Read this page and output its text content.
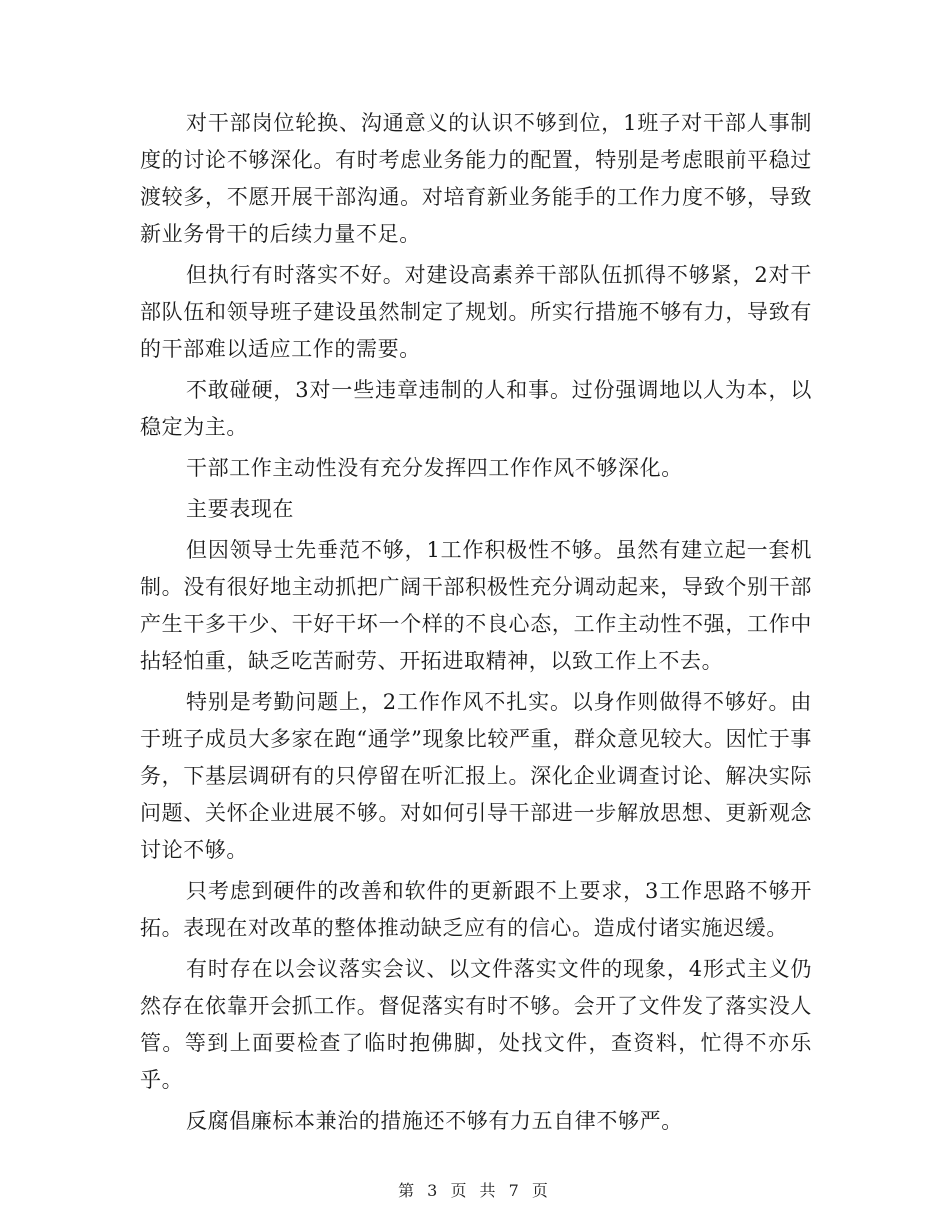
对干部岗位轮换、沟通意义的认识不够到位，1班子对干部人事制度的讨论不够深化。有时考虑业务能力的配置，特别是考虑眼前平稳过渡较多，不愿开展干部沟通。对培育新业务能手的工作力度不够，导致新业务骨干的后续力量不足。

但执行有时落实不好。对建设高素养干部队伍抓得不够紧，2对干部队伍和领导班子建设虽然制定了规划。所实行措施不够有力，导致有的干部难以适应工作的需要。

不敢碰硬，3对一些违章违制的人和事。过份强调地以人为本，以稳定为主。

干部工作主动性没有充分发挥四工作作风不够深化。

主要表现在

但因领导士先垂范不够，1工作积极性不够。虽然有建立起一套机制。没有很好地主动抓把广阔干部积极性充分调动起来，导致个别干部产生干多干少、干好干坏一个样的不良心态，工作主动性不强，工作中拈轻怕重，缺乏吃苦耐劳、开拓进取精神，以致工作上不去。

特别是考勤问题上，2工作作风不扎实。以身作则做得不够好。由于班子成员大多家在跑“通学”现象比较严重，群众意见较大。因忙于事务，下基层调研有的只停留在听汇报上。深化企业调查讨论、解决实际问题、关怀企业进展不够。对如何引导干部进一步解放思想、更新观念讨论不够。

只考虑到硬件的改善和软件的更新跟不上要求，3工作思路不够开拓。表现在对改革的整体推动缺乏应有的信心。造成付诸实施迟缓。

有时存在以会议落实会议、以文件落实文件的现象，4形式主义仍然存在依靠开会抓工作。督促落实有时不够。会开了文件发了落实没人管。等到上面要检查了临时抱佛脚，处找文件，查资料，忙得不亦乐乎。

反腐倡廉标本兼治的措施还不够有力五自律不够严。

第 3 页 共 7 页
